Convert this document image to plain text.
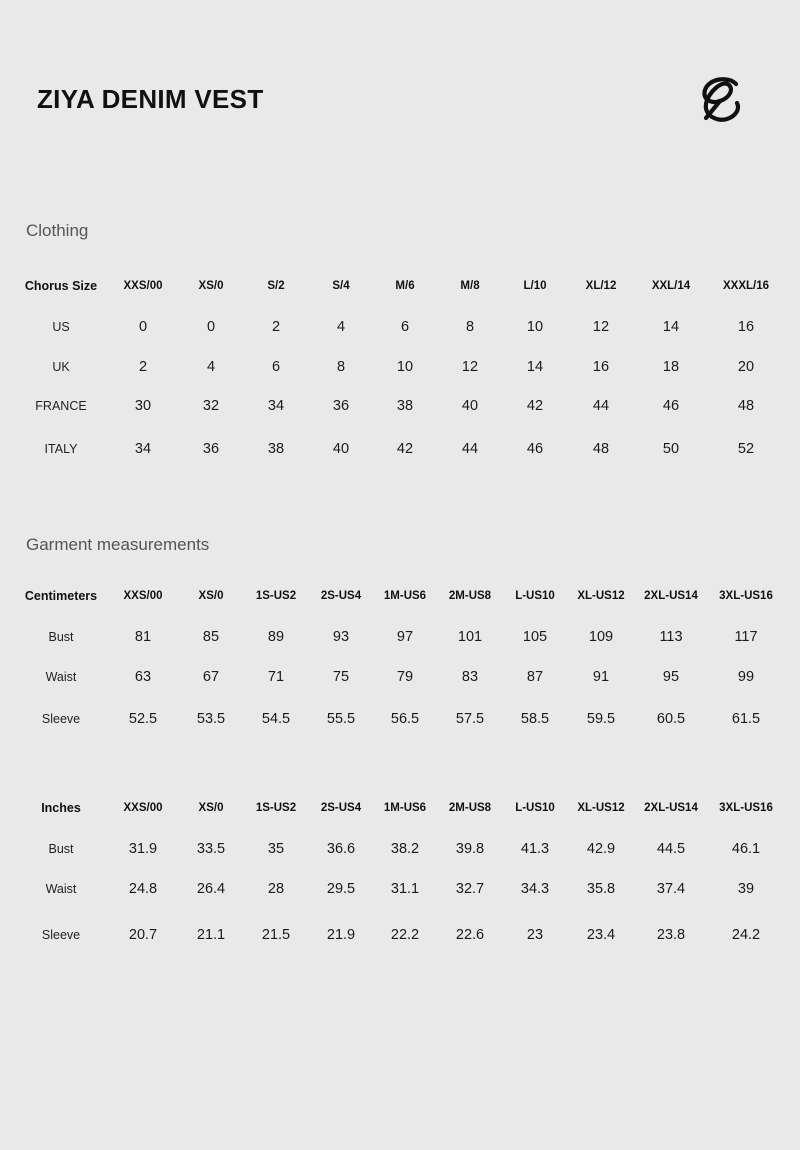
ZIYA DENIM VEST
Clothing
Garment measurements
Chorus Size XXS/00	XS/0	S/2	S/4	M/6	M/8	L/10	XL/12	XXL/14	XXXL/16
US	0	0	2	4	6	8	10	12	14	16
UK	2	4	6	8	10	12	14	16	18	20
FRANCE	30	32	34	36	38	40	42	44	46	48
ITALY	34	36	38	40	42	44	46	48	50	52
Centimeters XXS/00	XS/0	1S-US2 2S-US4 1M-US6 2M-US8 L-US10 XL-US12 2XL-US14 3XL-US16
Bust	81	85	89	93	97	101	105	109	113	117
Waist	63	67	71	75	79	83	87	91	95	99
Sleeve	52.5	53.5	54.5	55.5 56.5	57.5	58.5	59.5	60.5	61.5
Inches	XXS/00	XS/0	1S-US2 2S-US4 1M-US6 2M-US8 L-US10 XL-US12 2XL-US14 3XL-US16
Bust	31.9	33.5	35	36.6 38.2	39.8	41.3	42.9	44.5	46.1
Waist	24.8	26.4	28	29.5 31.1	32.7	34.3	35.8	37.4	39
Sleeve	20.7	21.1	21.5	21.9 22.2	22.6	23	23.4	23.8	24.2
